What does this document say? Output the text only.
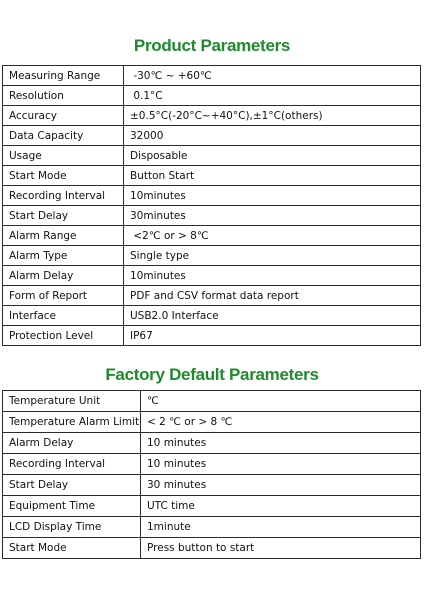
Product Parameters
Measuring Range	-30℃ ~ +60℃
Resolution	0.1°C
Accuracy	±0.5°C(-20°C~+40°C),±1°C(others)
Data Capacity	32000
Usage	Disposable
Start Mode	Button Start
Recording Interval	10minutes
Start Delay	30minutes
Alarm Range	<2℃ or > 8℃
Alarm Type	Single type
Alarm Delay	10minutes
Form of Report	PDF and CSV format data report
Interface	USB2.0 Interface
Protection Level	IP67
Factory Default Parameters
Temperature Unit	℃
Temperature Alarm Limit	< 2 ℃ or > 8 ℃
Alarm Delay	10 minutes
Recording Interval	10 minutes
Start Delay	30 minutes
Equipment Time	UTC time
LCD Display Time	1minute
Start Mode	Press button to start
